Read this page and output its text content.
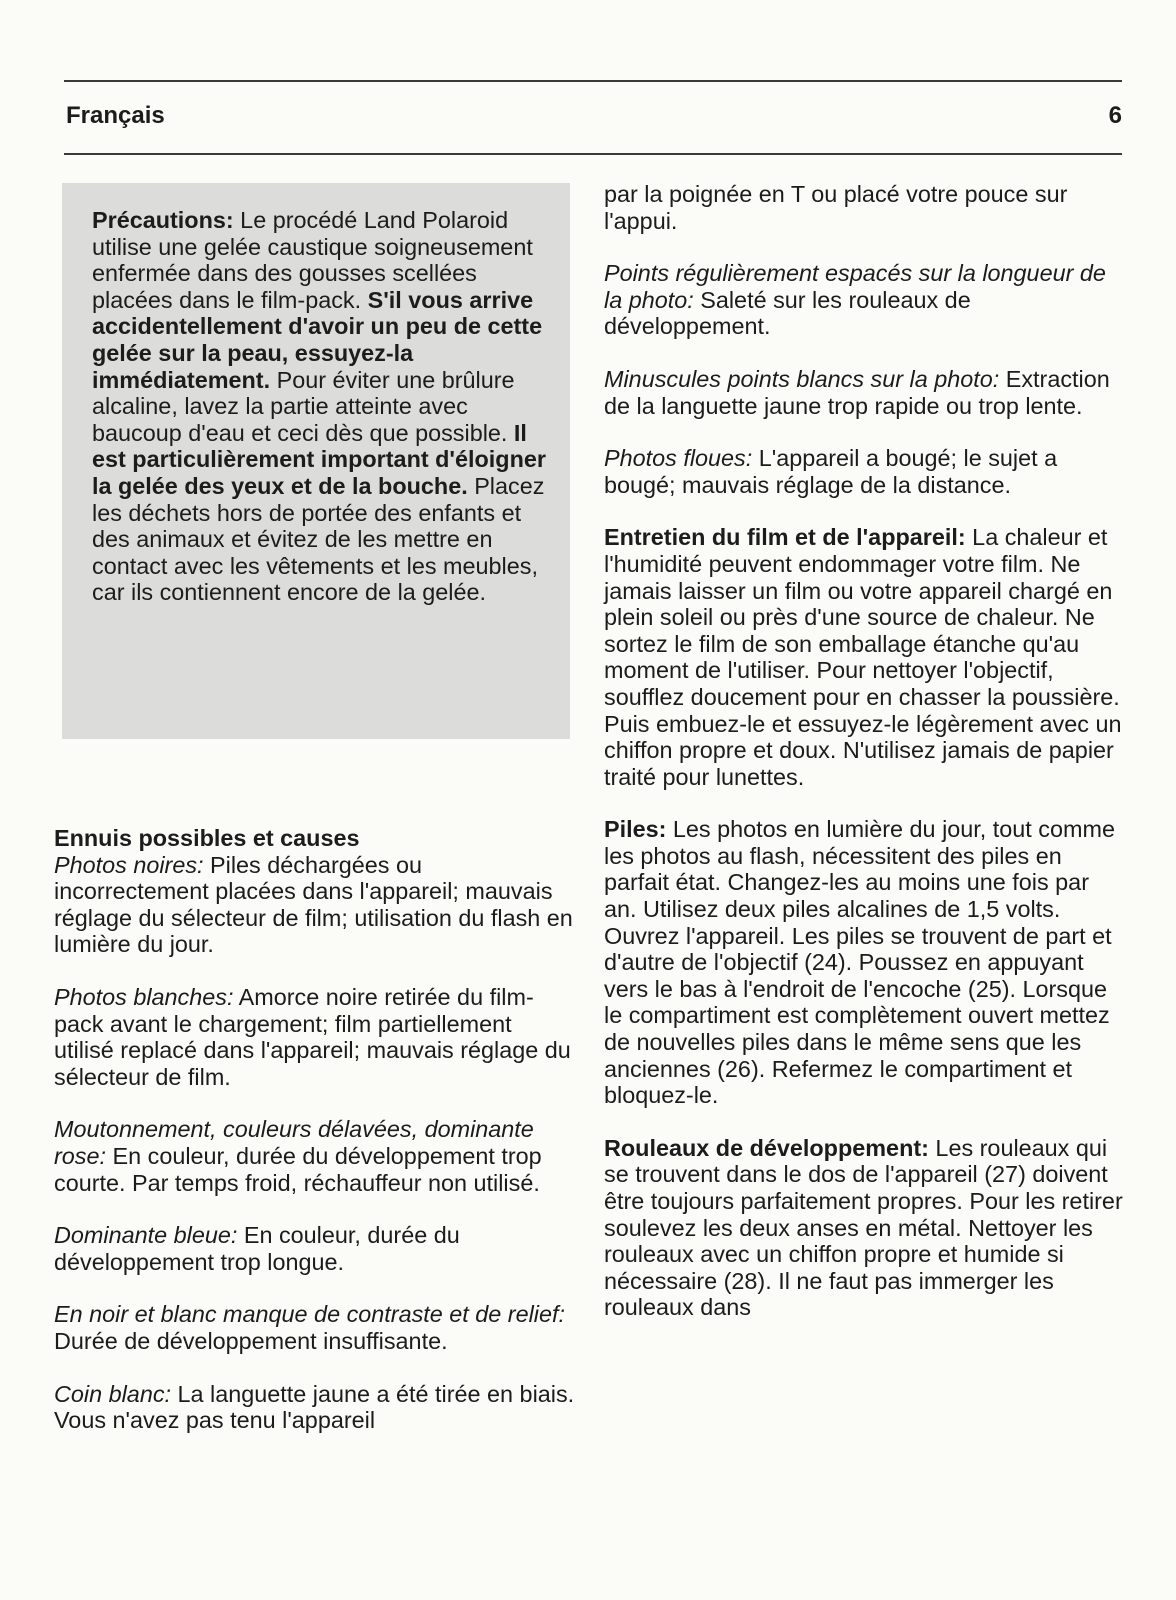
Français	6
Précautions: Le procédé Land Polaroid utilise une gelée caustique soigneusement enfermée dans des gousses scellées placées dans le film-pack. S'il vous arrive accidentellement d'avoir un peu de cette gelée sur la peau, essuyez-la immédiatement. Pour éviter une brûlure alcaline, lavez la partie atteinte avec baucoup d'eau et ceci dès que possible. Il est particulièrement important d'éloigner la gelée des yeux et de la bouche. Placez les déchets hors de portée des enfants et des animaux et évitez de les mettre en contact avec les vêtements et les meubles, car ils contiennent encore de la gelée.
Ennuis possibles et causes

Photos noires: Piles déchargées ou incorrectement placées dans l'appareil; mauvais réglage du sélecteur de film; utilisation du flash en lumière du jour.

Photos blanches: Amorce noire retirée du film-pack avant le chargement; film partiellement utilisé replacé dans l'appareil; mauvais réglage du sélecteur de film.

Moutonnement, couleurs délavées, dominante rose: En couleur, durée du développement trop courte. Par temps froid, réchauffeur non utilisé.

Dominante bleue: En couleur, durée du développement trop longue.

En noir et blanc manque de contraste et de relief: Durée de développement insuffisante.

Coin blanc: La languette jaune a été tirée en biais. Vous n'avez pas tenu l'appareil

par la poignée en T ou placé votre pouce sur l'appui.

Points régulièrement espacés sur la longueur de la photo: Saleté sur les rouleaux de développement.

Minuscules points blancs sur la photo: Extraction de la languette jaune trop rapide ou trop lente.

Photos floues: L'appareil a bougé; le sujet a bougé; mauvais réglage de la distance.

Entretien du film et de l'appareil: La chaleur et l'humidité peuvent endommager votre film. Ne jamais laisser un film ou votre appareil chargé en plein soleil ou près d'une source de chaleur. Ne sortez le film de son emballage étanche qu'au moment de l'utiliser. Pour nettoyer l'objectif, soufflez doucement pour en chasser la poussière. Puis embuez-le et essuyez-le légèrement avec un chiffon propre et doux. N'utilisez jamais de papier traité pour lunettes.

Piles: Les photos en lumière du jour, tout comme les photos au flash, nécessitent des piles en parfait état. Changez-les au moins une fois par an. Utilisez deux piles alcalines de 1,5 volts. Ouvrez l'appareil. Les piles se trouvent de part et d'autre de l'objectif (24). Poussez en appuyant vers le bas à l'endroit de l'encoche (25). Lorsque le compartiment est complètement ouvert mettez de nouvelles piles dans le même sens que les anciennes (26). Refermez le compartiment et bloquez-le.

Rouleaux de développement: Les rouleaux qui se trouvent dans le dos de l'appareil (27) doivent être toujours parfaitement propres. Pour les retirer soulevez les deux anses en métal. Nettoyer les rouleaux avec un chiffon propre et humide si nécessaire (28). Il ne faut pas immerger les rouleaux dans
